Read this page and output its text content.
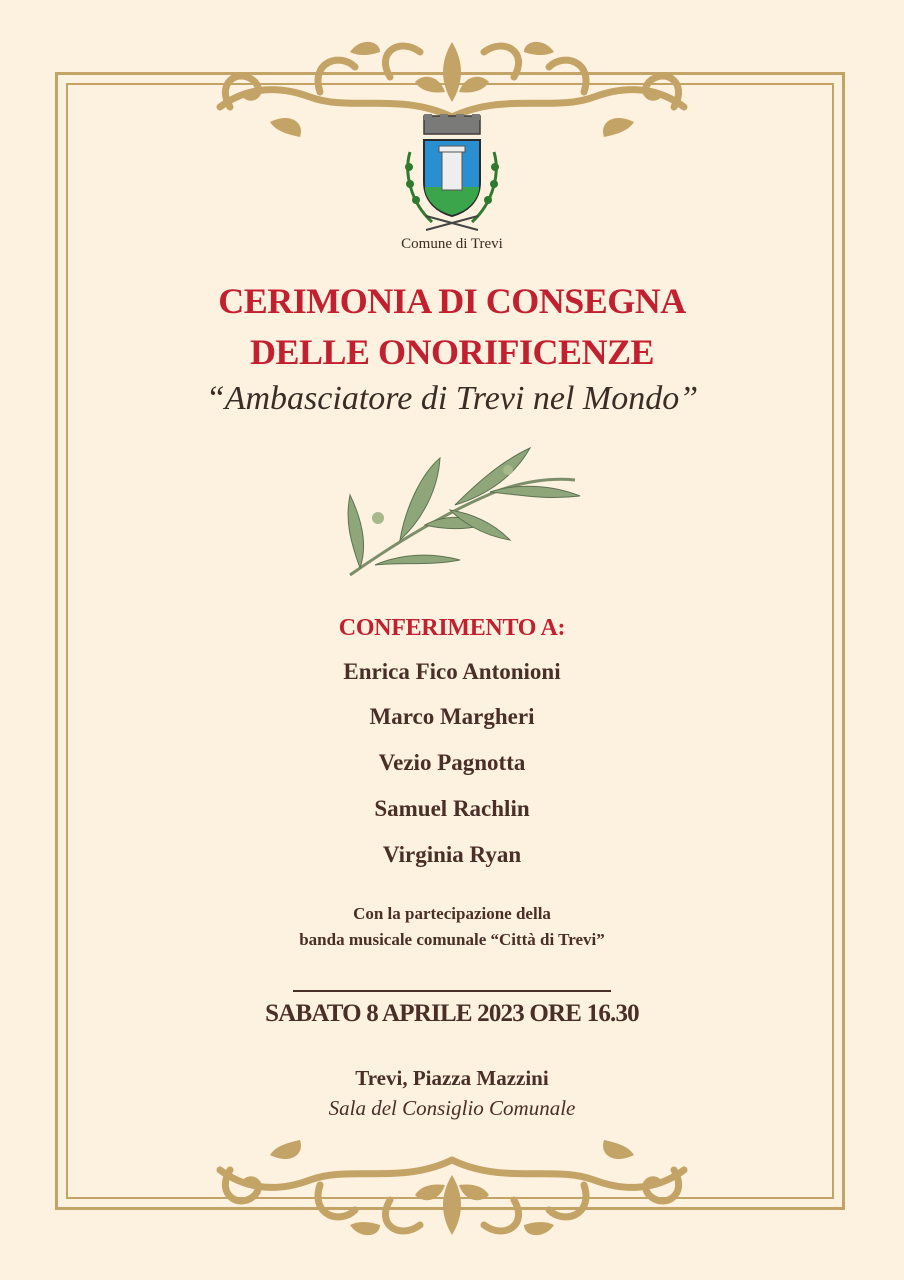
Comune di Trevi
CERIMONIA DI CONSEGNA
DELLE ONORIFICENZE
“Ambasciatore di Trevi nel Mondo”
CONFERIMENTO A:
Enrica Fico Antonioni
Marco Margheri
Vezio Pagnotta
Samuel Rachlin
Virginia Ryan
Con la partecipazione della
banda musicale comunale “Città di Trevi”
SABATO 8 APRILE 2023 ORE 16.30
Trevi, Piazza Mazzini
Sala del Consiglio Comunale
